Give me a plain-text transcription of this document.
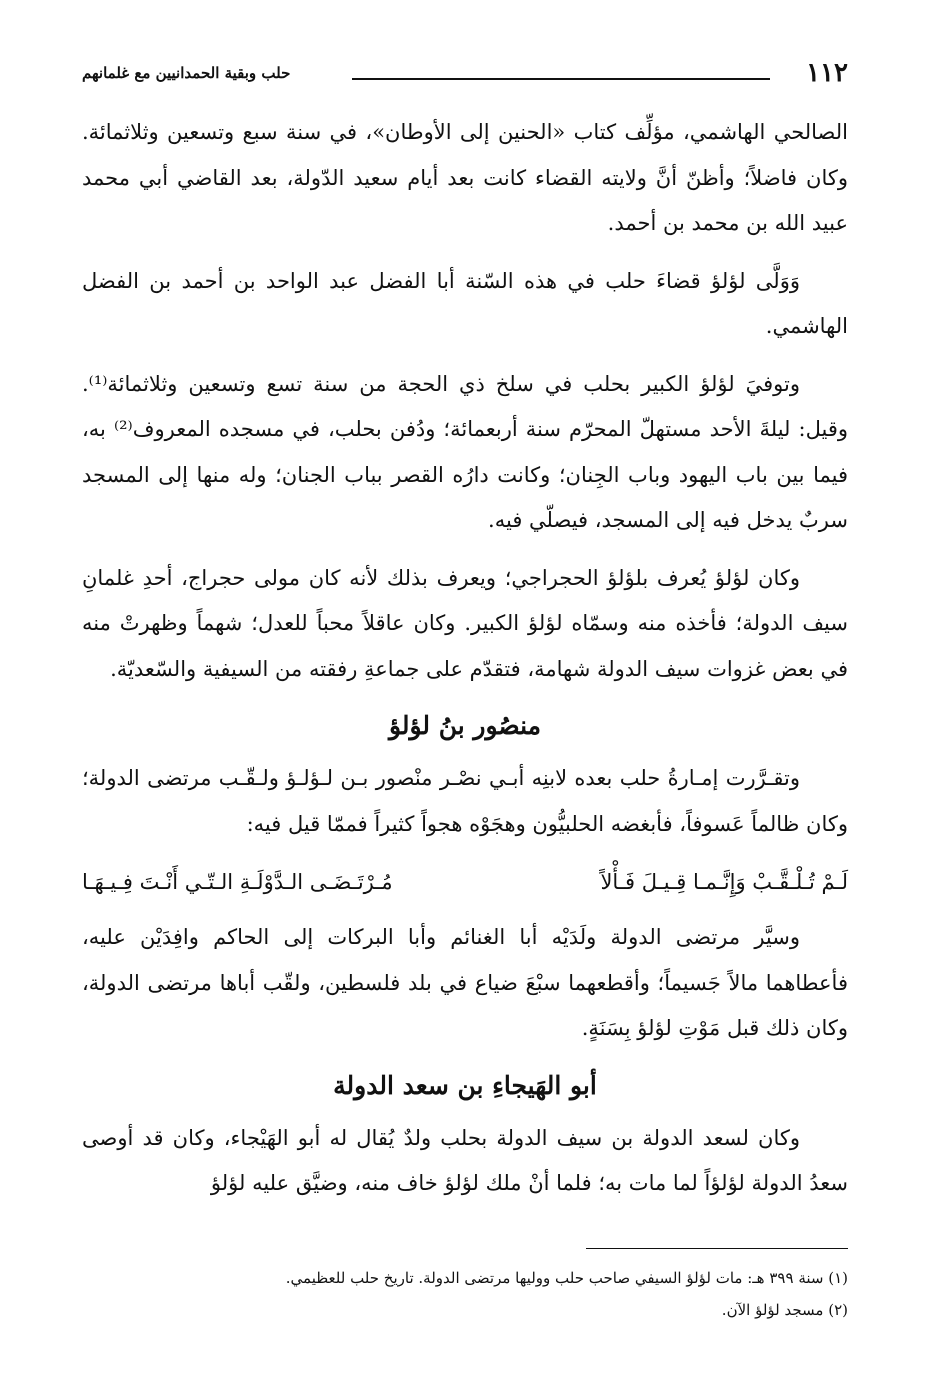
١١٢
حلب وبقية الحمدانيين مع غلمانهم

الصالحي الهاشمي، مؤلِّف كتاب «الحنين إلى الأوطان»، في سنة سبع وتسعين وثلاثمائة. وكان فاضلاً؛ وأظنّ أنَّ ولايته القضاء كانت بعد أيام سعيد الدّولة، بعد القاضي أبي محمد عبيد الله بن محمد بن أحمد.

وَوَلَّى لؤلؤ قضاءَ حلب في هذه السّنة أبا الفضل عبد الواحد بن أحمد بن الفضل الهاشمي.

وتوفيَ لؤلؤ الكبير بحلب في سلخ ذي الحجة من سنة تسع وتسعين وثلاثمائة⁽¹⁾. وقيل: ليلةَ الأحد مستهلّ المحرّم سنة أربعمائة؛ ودُفن بحلب، في مسجده المعروف⁽²⁾ به، فيما بين باب اليهود وباب الجِنان؛ وكانت دارُه القصر بباب الجنان؛ وله منها إلى المسجد سربٌ يدخل فيه إلى المسجد، فيصلّي فيه.

وكان لؤلؤ يُعرف بلؤلؤ الحجراجي؛ ويعرف بذلك لأنه كان مولى حجراج، أحدِ غلمانِ سيف الدولة؛ فأخذه منه وسمّاه لؤلؤ الكبير. وكان عاقلاً محباً للعدل؛ شهماً وظهرتْ منه في بعض غزوات سيف الدولة شهامة، فتقدّم على جماعةِ رفقته من السيفية والسّعديّة.

منصُور بنُ لؤلؤ

وتقـرَّرت إمـارةُ حلب بعده لابنِه أبـي نصْـر منْصور بـن لـؤلـؤ ولـقّـب مرتضى الدولة؛ وكان ظالماً عَسوفاً، فأبغضه الحلبيُّون وهجَوْه هجواً كثيراً فممّا قيل فيه:

لَـمْ تُـلْـقَّـبْ وَإِنَّـمـا قِـيـلَ فَـأْلاً
مُـرْتَـضَـى الـدَّوْلَـةِ الـتّـي أَنْـتَ فِـيـهَـا

وسيَّر مرتضى الدولة ولَدَيْه أبا الغنائم وأبا البركات إلى الحاكم وافِدَيْن عليه، فأعطاهما مالاً جَسيماً؛ وأقطعهما سبْعَ ضياع في بلد فلسطين، ولقّب أباها مرتضى الدولة، وكان ذلك قبل مَوْتِ لؤلؤ بِسَنَةٍ.

أبو الهَيجاءِ بن سعد الدولة

وكان لسعد الدولة بن سيف الدولة بحلب ولدٌ يُقال له أبو الهَيْجاء، وكان قد أوصى سعدُ الدولة لؤلؤاً لما مات به؛ فلما أنْ ملك لؤلؤ خاف منه، وضيَّق عليه لؤلؤ

(١) سنة ٣٩٩ هـ: مات لؤلؤ السيفي صاحب حلب ووليها مرتضى الدولة. تاريخ حلب للعظيمي.

(٢) مسجد لؤلؤ الآن.
